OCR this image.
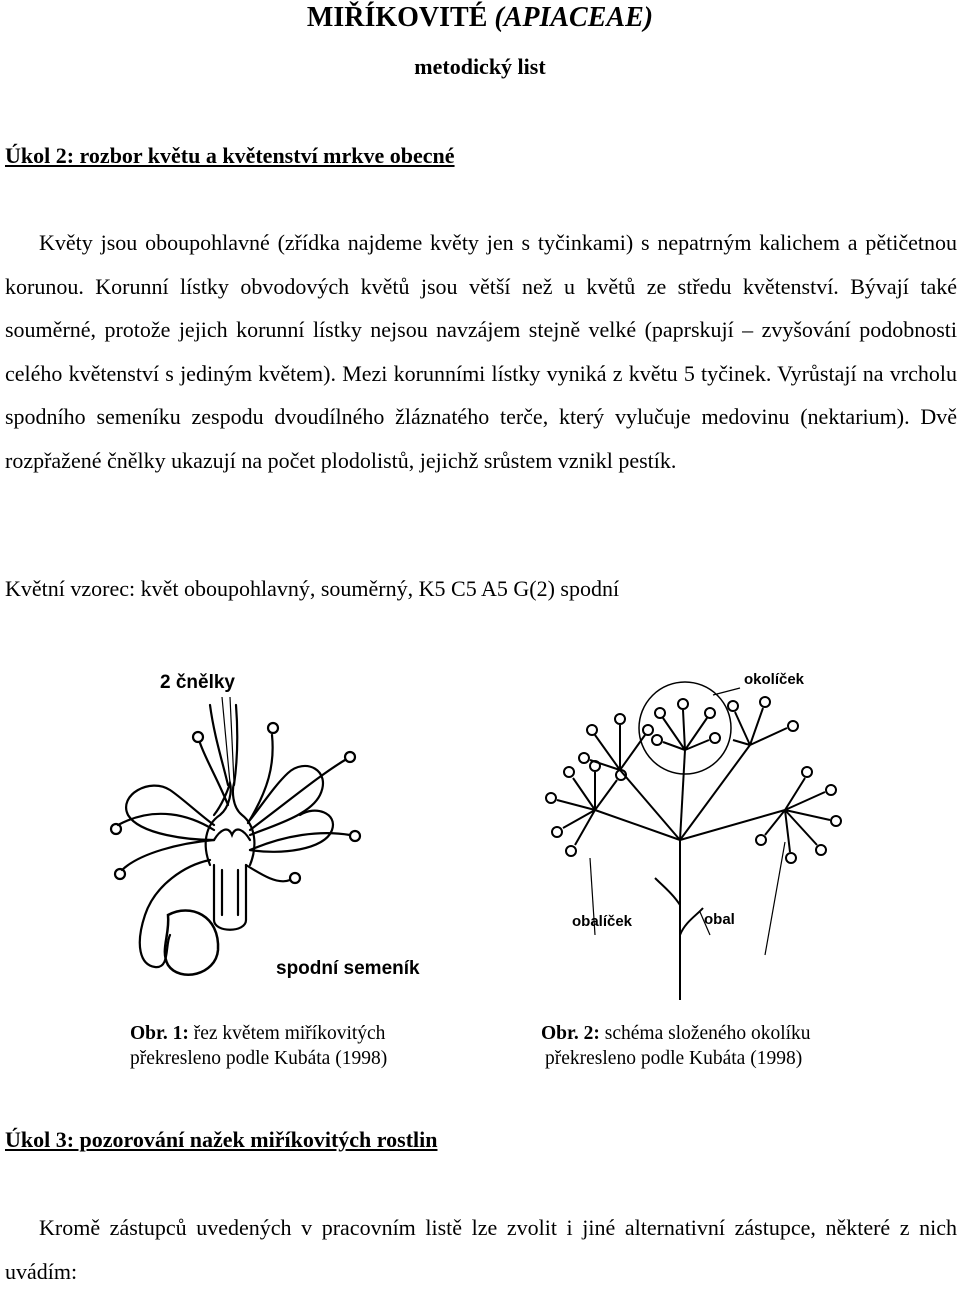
MIŘÍKOVITÉ (APIACEAE)
metodický list
Úkol 2: rozbor květu a květenství mrkve obecné
Květy jsou oboupohlavné (zřídka najdeme květy jen s tyčinkami) s nepatrným kalichem a pětičetnou korunou. Korunní lístky obvodových květů jsou větší než u květů ze středu květenství. Bývají také souměrné, protože jejich korunní lístky nejsou navzájem stejně velké (paprskují – zvyšování podobnosti celého květenství s jediným květem). Mezi korunními lístky vyniká z květu 5 tyčinek. Vyrůstají na vrcholu spodního semeníku zespodu dvoudílného žláznatého terče, který vylučuje medovinu (nektarium). Dvě rozpřažené čnělky ukazují na počet plodolistů, jejichž srůstem vznikl pestík.
Květní vzorec: květ oboupohlavný, souměrný, K5 C5 A5 G(2) spodní
2 čnělky
spodní semeník
okolíček
obalíček	obal
Obr. 1: řez květem miříkovitých
překresleno podle Kubáta (1998)
Obr. 2: schéma složeného okolíku
překresleno podle Kubáta (1998)
Úkol 3: pozorování nažek miříkovitých rostlin
Kromě zástupců uvedených v pracovním listě lze zvolit i jiné alternativní zástupce, některé z nich uvádím:
